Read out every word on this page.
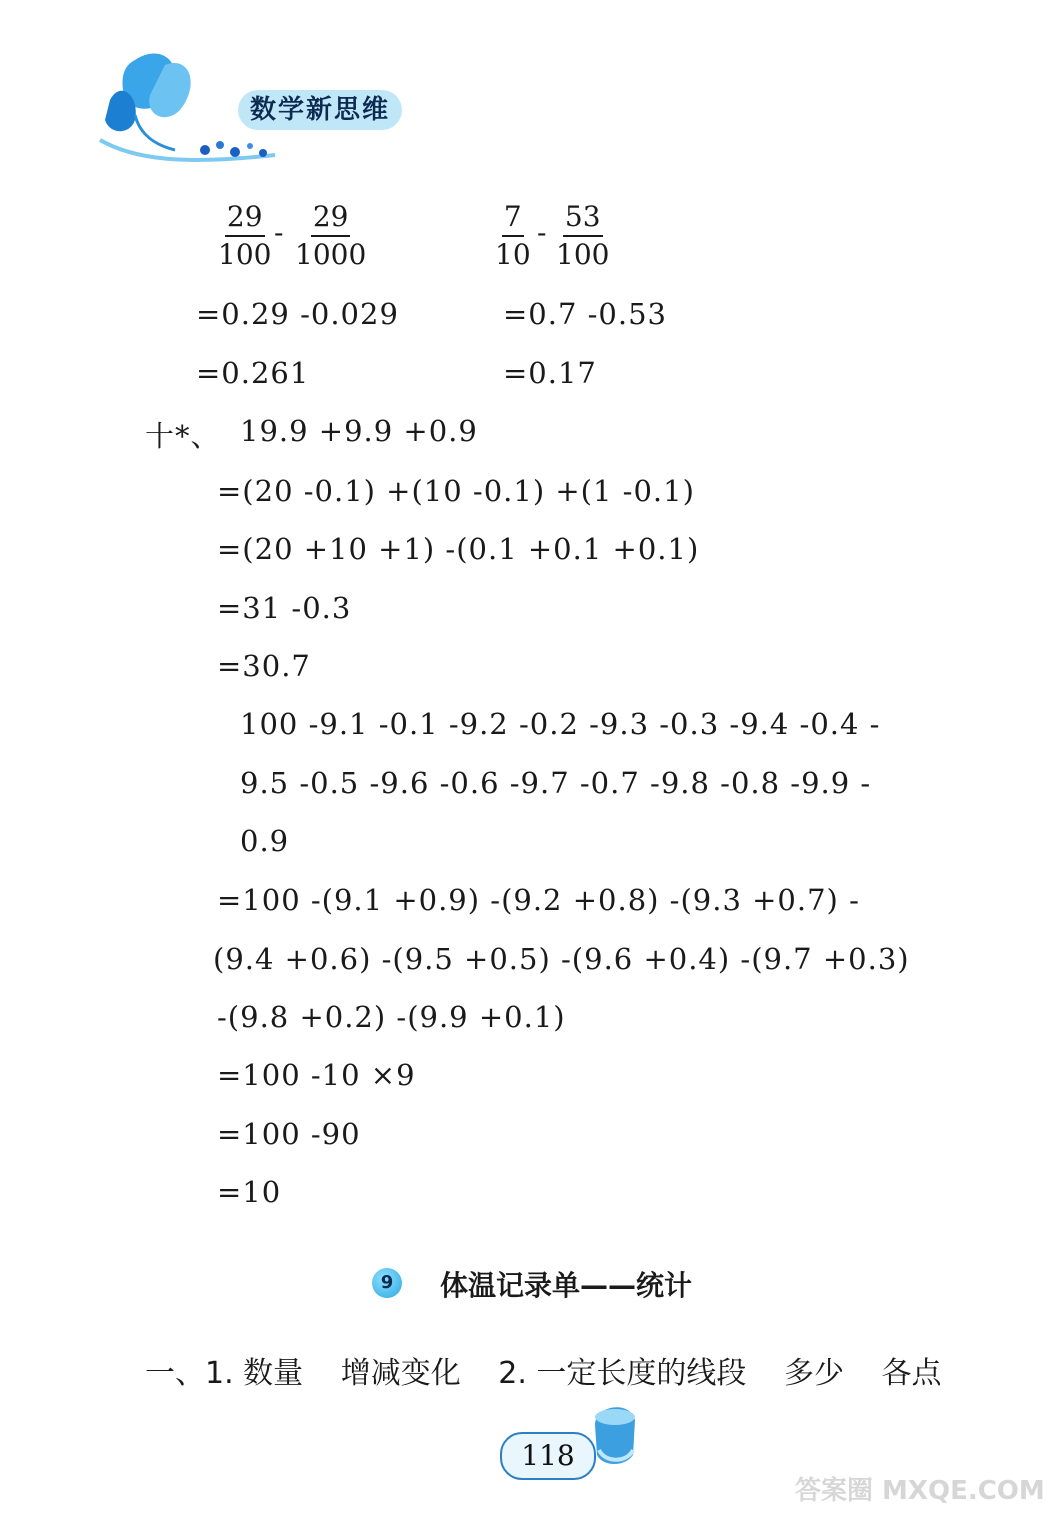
数学新思维
$\frac{29}{100} - \frac{29}{1000}$	$\frac{7}{10} - \frac{53}{100}$
=0.29 -0.029
=0.261
=0.7 -0.53
=0.17
十*、 19.9 +9.9 +0.9
=(20 -0.1) +(10 -0.1) +(1 -0.1)
=(20 +10 +1) -(0.1 +0.1 +0.1)
=31 -0.3
=30.7
100 -9.1 -0.1 -9.2 -0.2 -9.3 -0.3 -9.4 -0.4 -
9.5 -0.5 -9.6 -0.6 -9.7 -0.7 -9.8 -0.8 -9.9 -
0.9
=100 -(9.1 +0.9) -(9.2 +0.8) -(9.3 +0.7) -
(9.4 +0.6) -(9.5 +0.5) -(9.6 +0.4) -(9.7 +0.3)
-(9.8 +0.2) -(9.9 +0.1)
=100 -10 ×9
=100 -90
=10
9	体温记录单——统计
一、1. 数量 增减变化 2. 一定长度的线段 多少 各点
118
答案圈 MXQE.COM
